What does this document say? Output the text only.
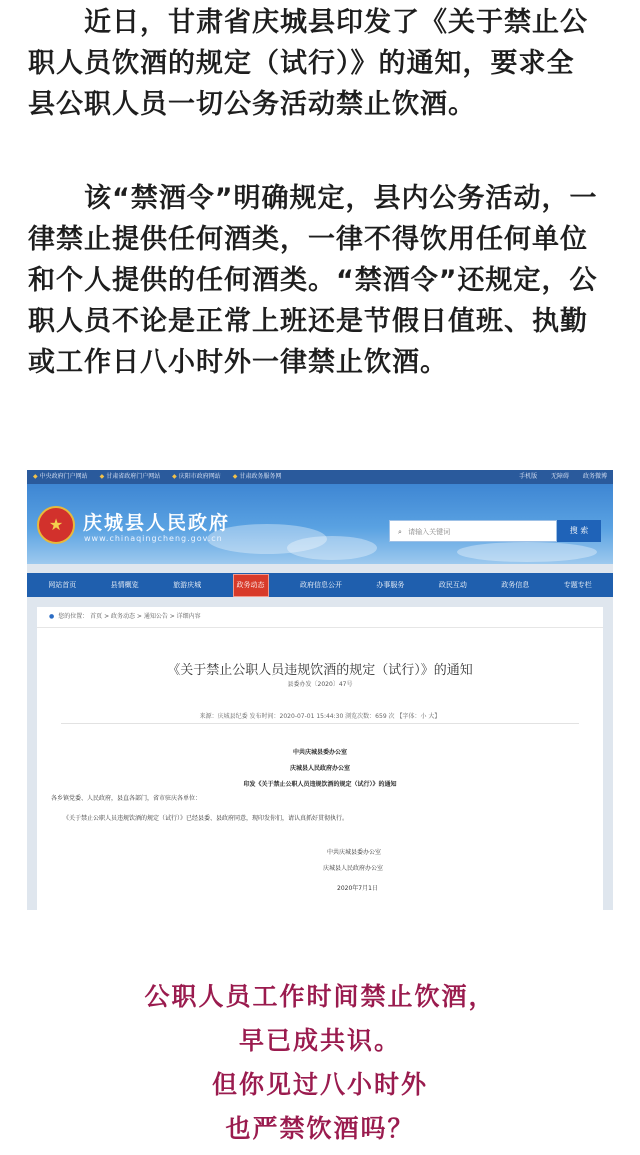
近日，甘肃省庆城县印发了《关于禁止公
职人员饮酒的规定（试行）》的通知，要求全
县公职人员一切公务活动禁止饮酒。

该“禁酒令”明确规定，县内公务活动，一
律禁止提供任何酒类，一律不得饮用任何单位
和个人提供的任何酒类。“禁酒令”还规定，公
职人员不论是正常上班还是节假日值班、执勤
或工作日八小时外一律禁止饮酒。

◆ 中央政府门户网站	◆ 甘肃省政府门户网站	◆ 庆阳市政府网站	◆ 甘肃政务服务网	手机版 无障碍 政务微博
★	庆城县人民政府
www.chinaqingcheng.gov.cn
⌕ 请输入关键词	搜 索
网站首页	县情概览	旅游庆城	政务动态	政府信息公开	办事服务	政民互动	政务信息	专题专栏
● 您的位置： 首页 > 政务动态 > 通知公告 > 详细内容
《关于禁止公职人员违规饮酒的规定（试行）》的通知
县委办发〔2020〕47号
来源：庆城县纪委 发布时间：2020-07-01 15:44:30 浏览次数：659 次 【字体：小 大】
中共庆城县委办公室
庆城县人民政府办公室
印发《关于禁止公职人员违规饮酒的规定（试行）》的通知
各乡镇党委、人民政府，县直各部门，省市驻庆各单位：
《关于禁止公职人员违规饮酒的规定（试行）》已经县委、县政府同意，现印发你们，请认真抓好贯彻执行。
中共庆城县委办公室
庆城县人民政府办公室
2020年7月1日
公职人员工作时间禁止饮酒，
早已成共识。
但你见过八小时外
也严禁饮酒吗？
